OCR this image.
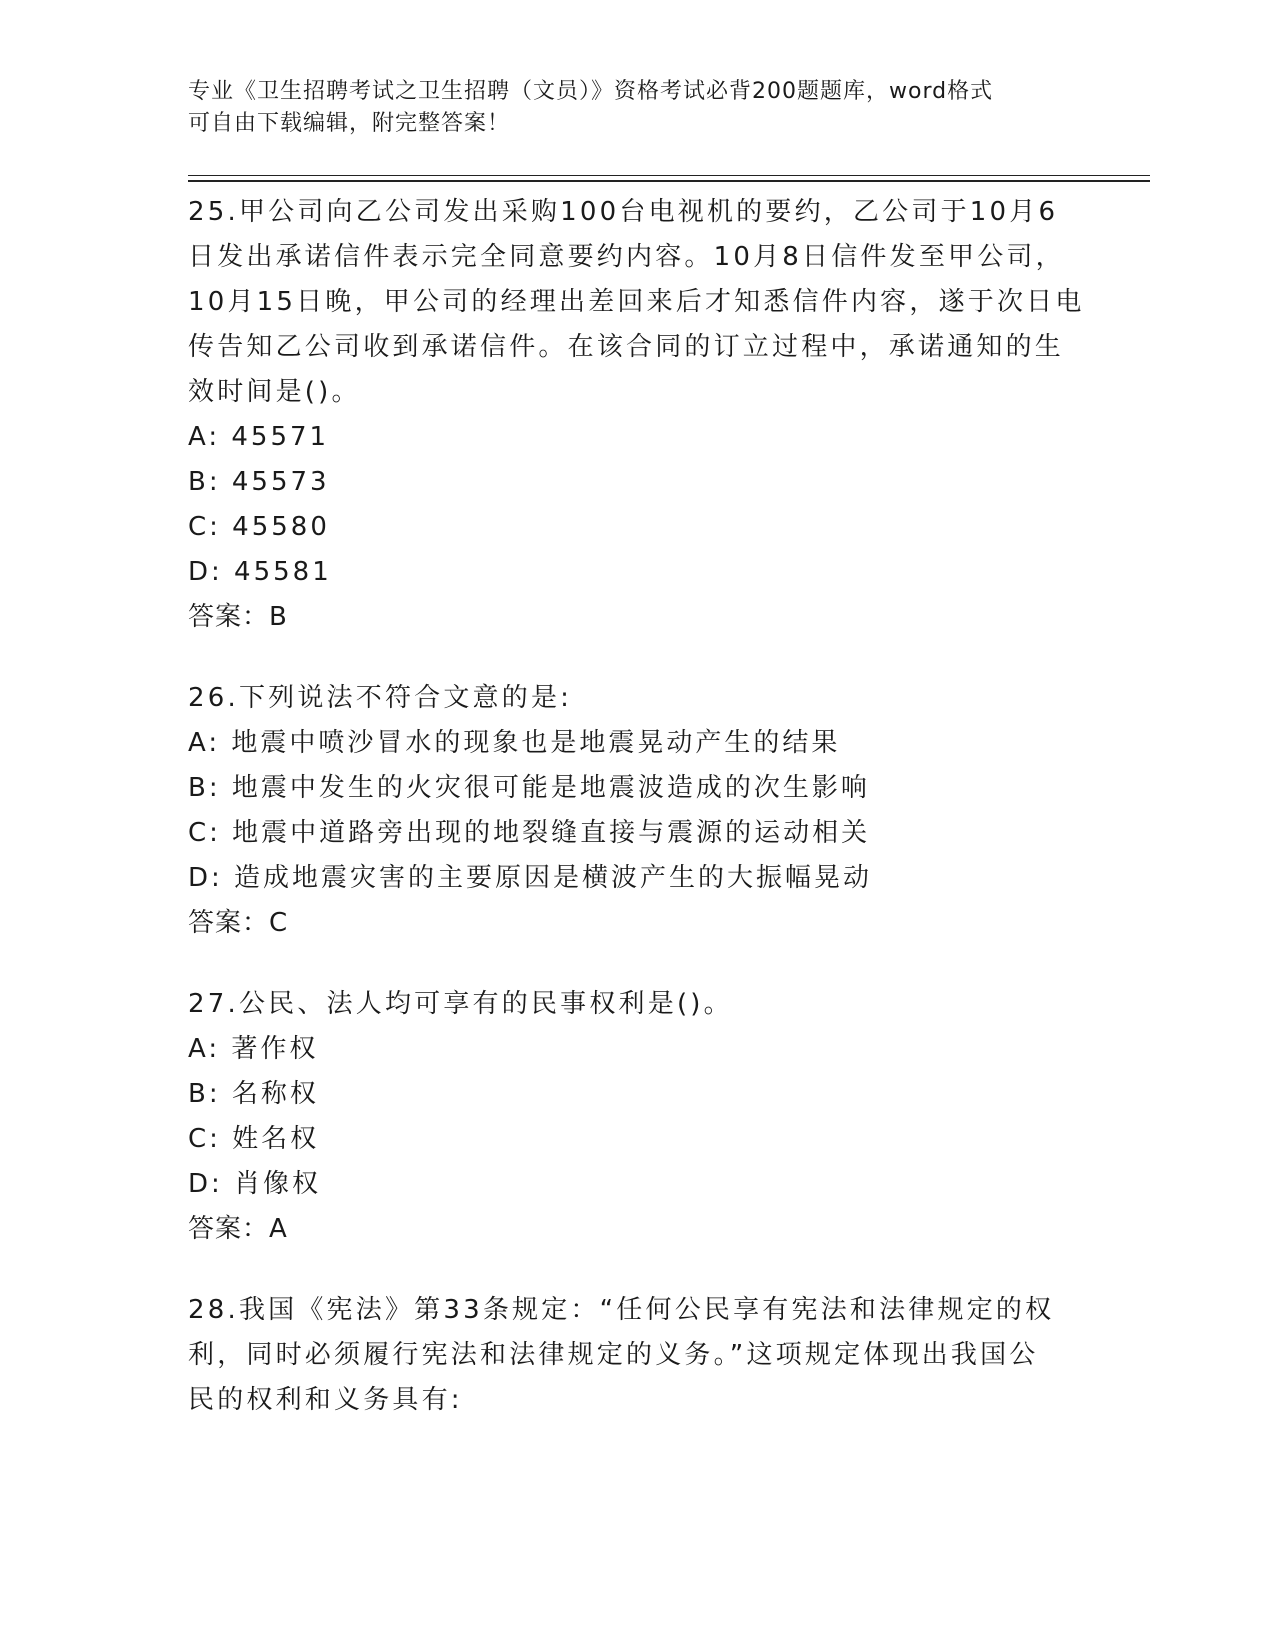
专业《卫生招聘考试之卫生招聘（文员）》资格考试必背200题题库，word格式
可自由下载编辑，附完整答案！

25.甲公司向乙公司发出采购100台电视机的要约，乙公司于10月6

日发出承诺信件表示完全同意要约内容。10月8日信件发至甲公司，

10月15日晚，甲公司的经理出差回来后才知悉信件内容，遂于次日电

传告知乙公司收到承诺信件。在该合同的订立过程中，承诺通知的生

效时间是()。

A: 45571

B: 45573

C: 45580

D: 45581

答案：B

26.下列说法不符合文意的是:

A: 地震中喷沙冒水的现象也是地震晃动产生的结果

B: 地震中发生的火灾很可能是地震波造成的次生影响

C: 地震中道路旁出现的地裂缝直接与震源的运动相关

D: 造成地震灾害的主要原因是横波产生的大振幅晃动

答案：C

27.公民、法人均可享有的民事权利是()。

A: 著作权

B: 名称权

C: 姓名权

D: 肖像权

答案：A

28.我国《宪法》第33条规定：“任何公民享有宪法和法律规定的权

利，同时必须履行宪法和法律规定的义务。”这项规定体现出我国公

民的权利和义务具有:
